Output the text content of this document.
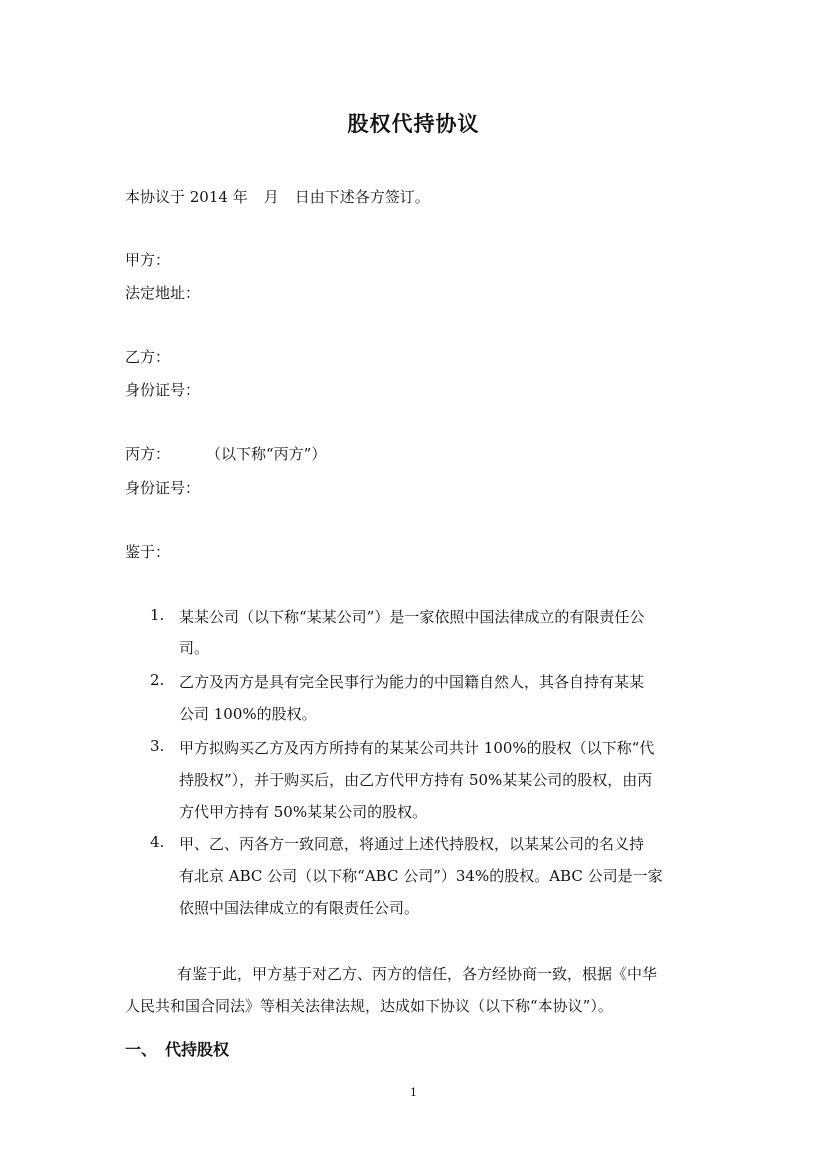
股权代持协议
本协议于 2014 年 月 日由下述各方签订。
甲方：
法定地址：
乙方：
身份证号：
丙方： （以下称“丙方”）
身份证号：
鉴于：
1. 某某公司（以下称“某某公司”）是一家依照中国法律成立的有限责任公
司。
2. 乙方及丙方是具有完全民事行为能力的中国籍自然人，其各自持有某某
公司 100%的股权。
3. 甲方拟购买乙方及丙方所持有的某某公司共计 100%的股权（以下称“代
持股权”），并于购买后，由乙方代甲方持有 50%某某公司的股权，由丙
方代甲方持有 50%某某公司的股权。
4. 甲、乙、丙各方一致同意，将通过上述代持股权，以某某公司的名义持
有北京 ABC 公司（以下称“ABC 公司”）34%的股权。ABC 公司是一家
依照中国法律成立的有限责任公司。
有鉴于此，甲方基于对乙方、丙方的信任，各方经协商一致，根据《中华
人民共和国合同法》等相关法律法规，达成如下协议（以下称“本协议”）。
一、 代持股权
1
